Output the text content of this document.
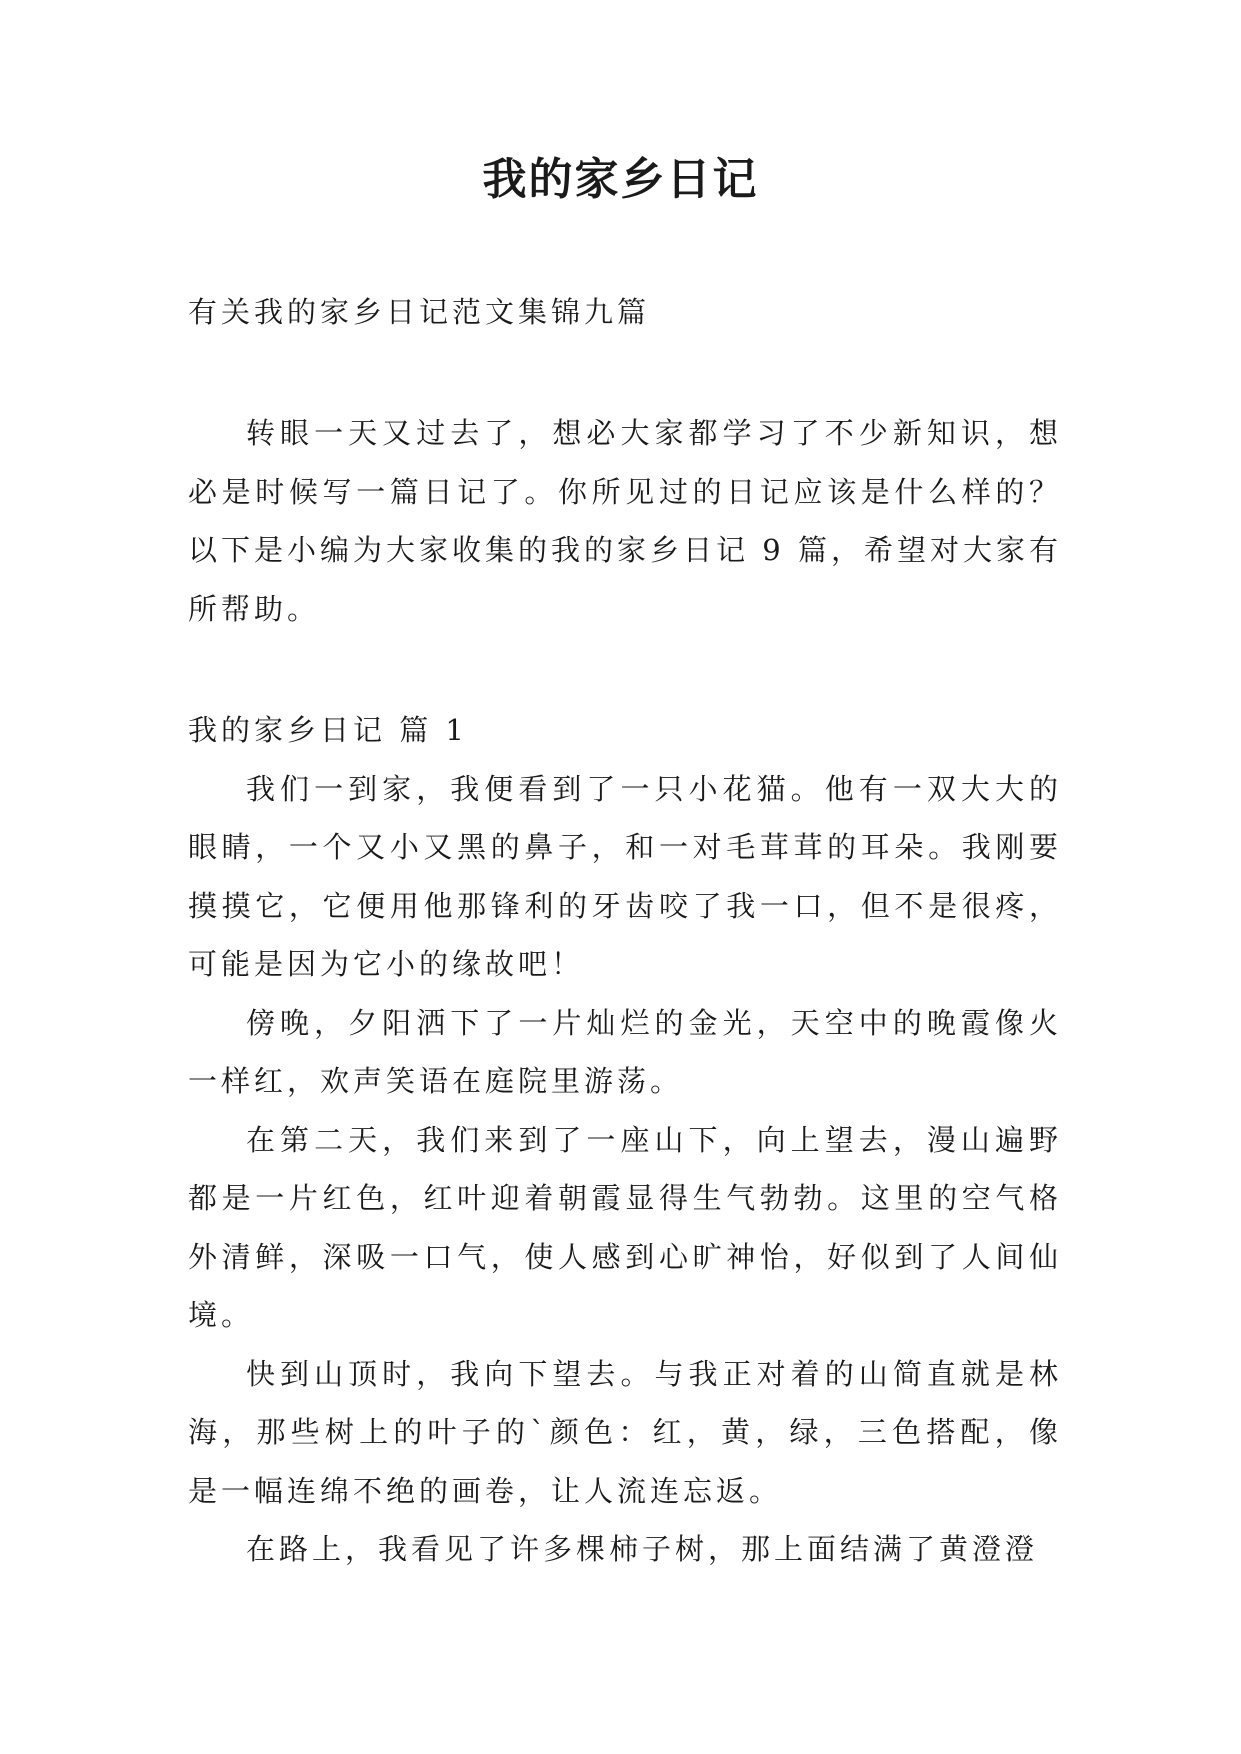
我的家乡日记
有关我的家乡日记范文集锦九篇

转眼一天又过去了，想必大家都学习了不少新知识，想必是时候写一篇日记了。你所见过的日记应该是什么样的？以下是小编为大家收集的我的家乡日记 9 篇，希望对大家有所帮助。

我的家乡日记 篇 1

我们一到家，我便看到了一只小花猫。他有一双大大的眼睛，一个又小又黑的鼻子，和一对毛茸茸的耳朵。我刚要摸摸它，它便用他那锋利的牙齿咬了我一口，但不是很疼，可能是因为它小的缘故吧！

傍晚，夕阳洒下了一片灿烂的金光，天空中的晚霞像火一样红，欢声笑语在庭院里游荡。

在第二天，我们来到了一座山下，向上望去，漫山遍野都是一片红色，红叶迎着朝霞显得生气勃勃。这里的空气格外清鲜，深吸一口气，使人感到心旷神怡，好似到了人间仙境。

快到山顶时，我向下望去。与我正对着的山简直就是林海，那些树上的叶子的`颜色：红，黄，绿，三色搭配，像是一幅连绵不绝的画卷，让人流连忘返。

在路上，我看见了许多棵柿子树，那上面结满了黄澄澄
